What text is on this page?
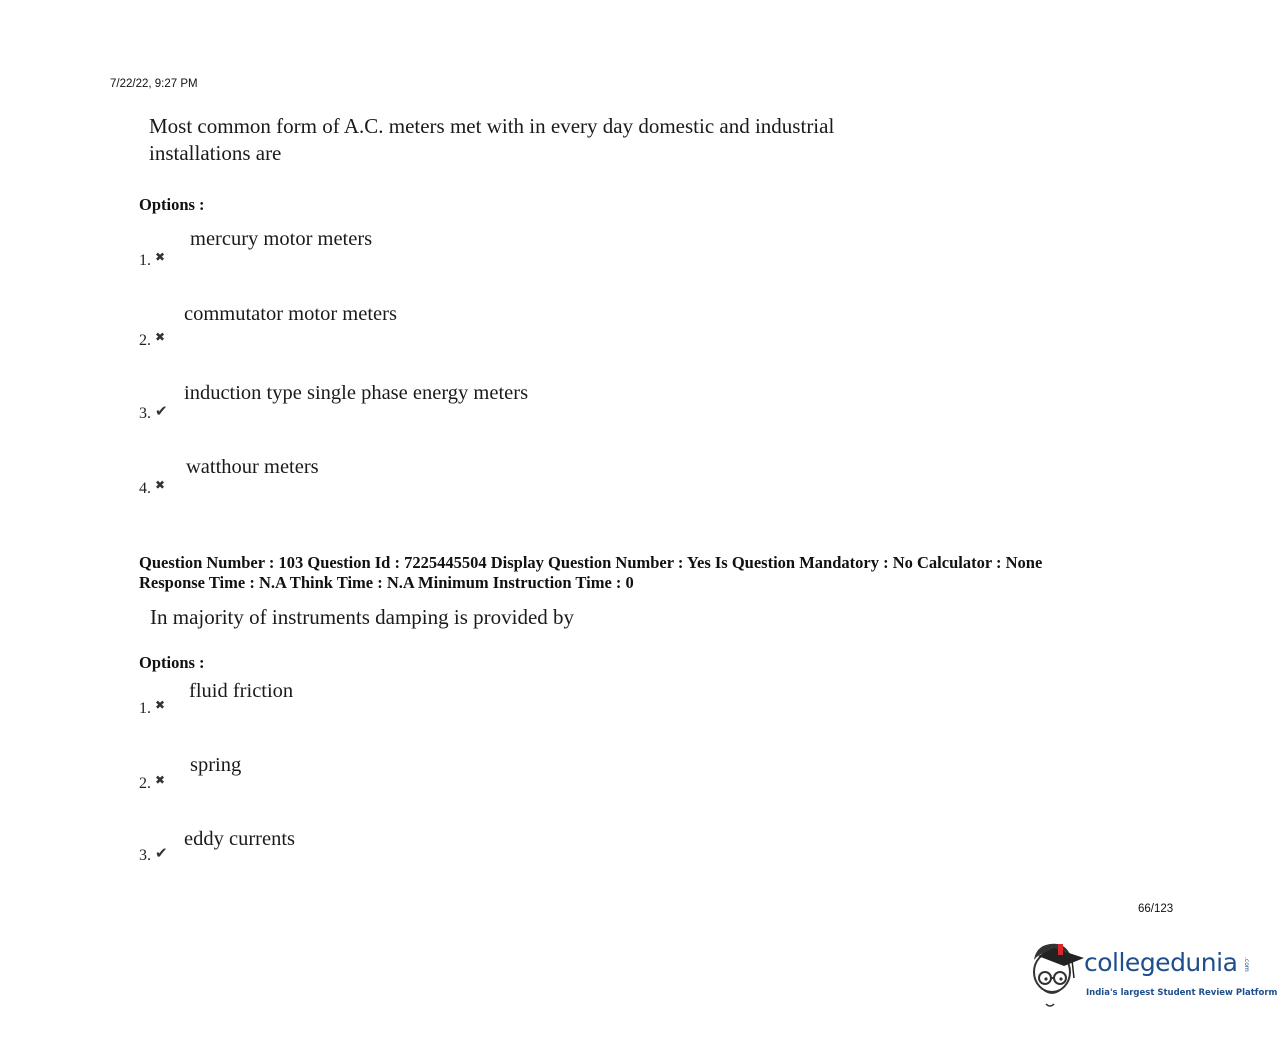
7/22/22, 9:27 PM
Most common form of A.C. meters met with in every day domestic and industrial
installations are
Options :
mercury motor meters
1. ✖
commutator motor meters
2. ✖
induction type single phase energy meters
3. ✔
watthour meters
4. ✖
Question Number : 103 Question Id : 7225445504 Display Question Number : Yes Is Question Mandatory : No Calculator : None
Response Time : N.A Think Time : N.A Minimum Instruction Time : 0
In majority of instruments damping is provided by
Options :
fluid friction
1. ✖
spring
2. ✖
eddy currents
3. ✔
66/123
collegedunia .com
India's largest Student Review Platform
